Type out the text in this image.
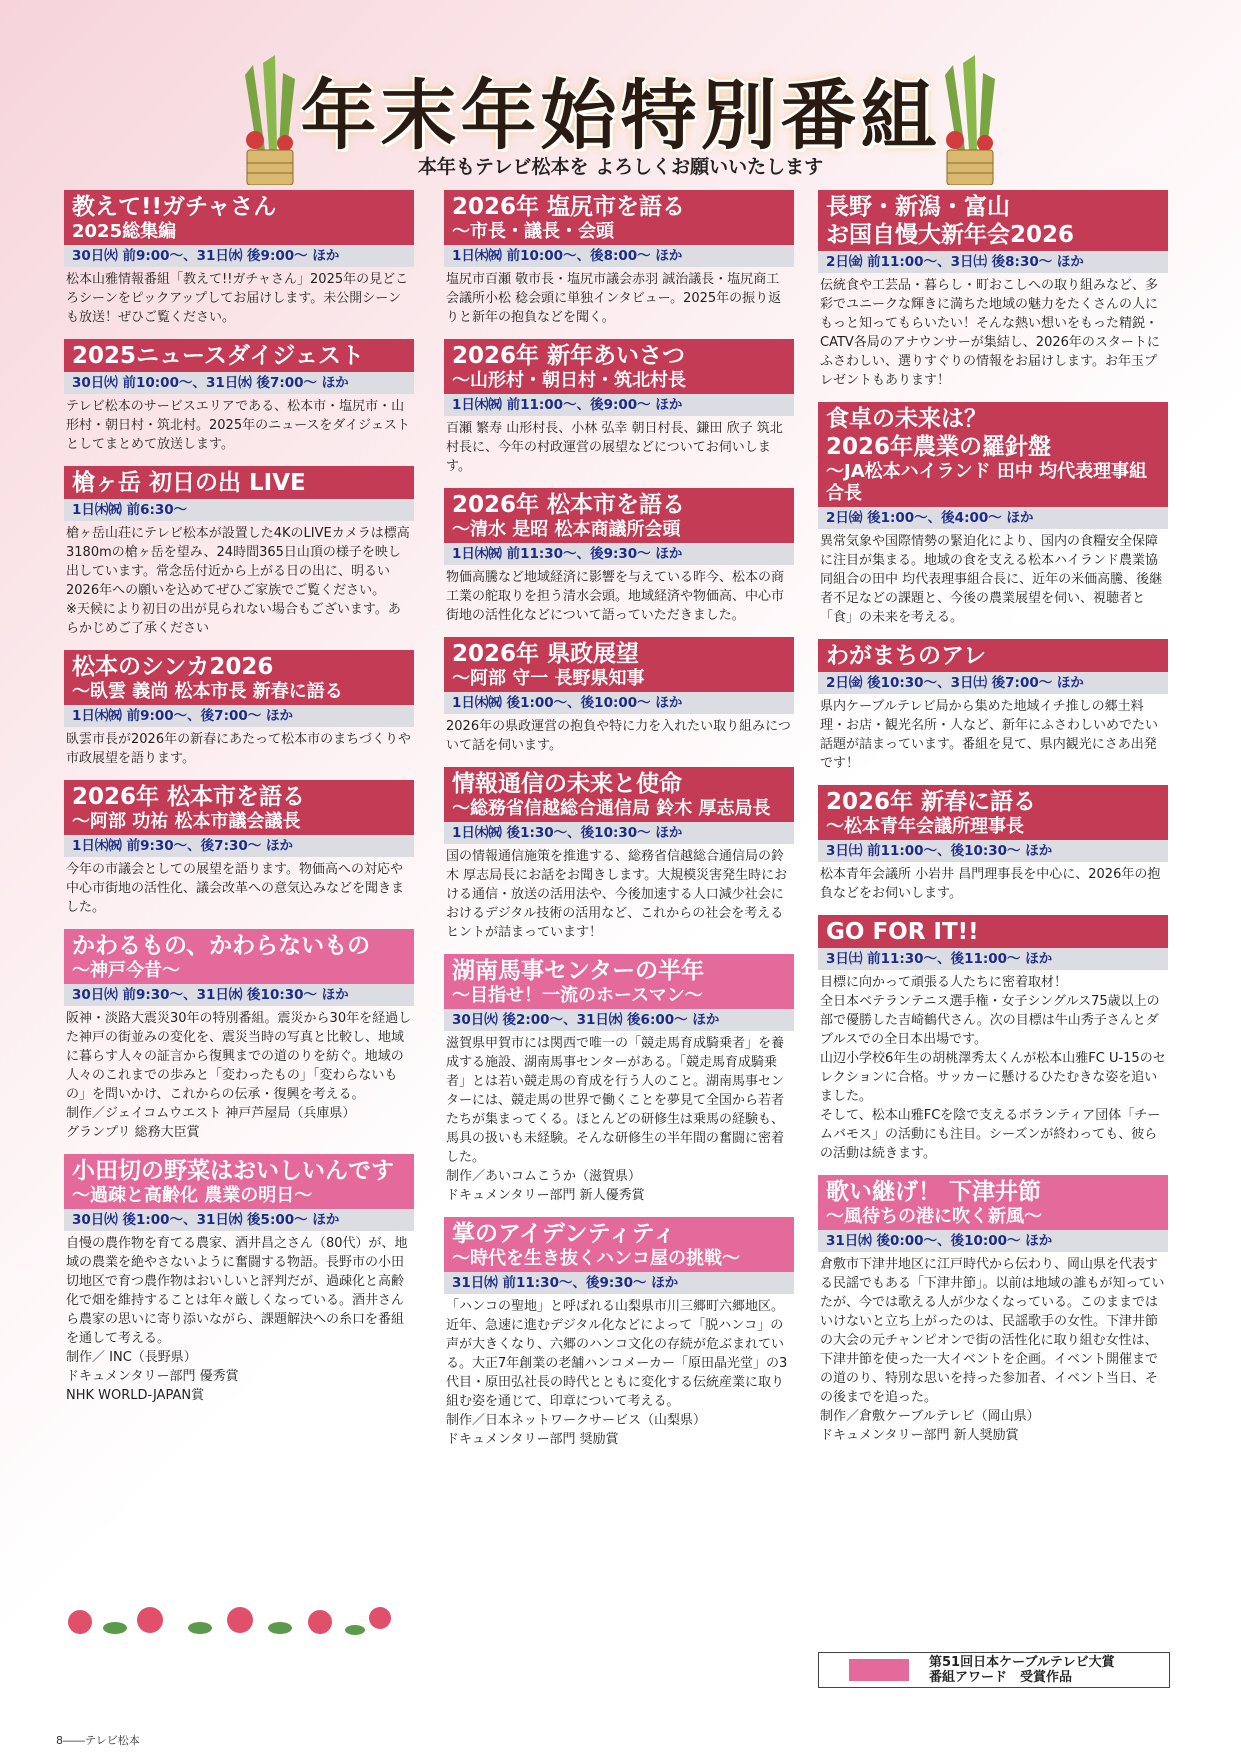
年末年始特別番組
本年もテレビ松本を よろしくお願いいたします
教えて!!ガチャさん
2025総集編
30日㈫ 前9:00～、31日㈬ 後9:00～ ほか

松本山雅情報番組「教えて!!ガチャさん」2025年の見どころシーンをピックアップしてお届けします。未公開シーンも放送！ぜひご覧ください。

2025ニュースダイジェスト
30日㈫ 前10:00～、31日㈬ 後7:00～ ほか

テレビ松本のサービスエリアである、松本市・塩尻市・山形村・朝日村・筑北村。2025年のニュースをダイジェストとしてまとめて放送します。

槍ヶ岳 初日の出 LIVE
1日㈭㈷ 前6:30～

槍ヶ岳山荘にテレビ松本が設置した4KのLIVEカメラは標高3180mの槍ヶ岳を望み、24時間365日山頂の様子を映し出しています。常念岳付近から上がる日の出に、明るい2026年への願いを込めてぜひご家族でご覧ください。

※天候により初日の出が見られない場合もございます。あらかじめご了承ください

松本のシンカ2026
～臥雲 義尚 松本市長 新春に語る
1日㈭㈷ 前9:00～、後7:00～ ほか

臥雲市長が2026年の新春にあたって松本市のまちづくりや市政展望を語ります。

2026年 松本市を語る
～阿部 功祐 松本市議会議長
1日㈭㈷ 前9:30～、後7:30～ ほか

今年の市議会としての展望を語ります。物価高への対応や中心市街地の活性化、議会改革への意気込みなどを聞きました。

かわるもの、かわらないもの
～神戸今昔～
30日㈫ 前9:30～、31日㈬ 後10:30～ ほか

阪神・淡路大震災30年の特別番組。震災から30年を経過した神戸の街並みの変化を、震災当時の写真と比較し、地域に暮らす人々の証言から復興までの道のりを紡ぐ。地域の人々のこれまでの歩みと「変わったもの」「変わらないもの」を問いかけ、これからの伝承・復興を考える。

制作／ジェイコムウエスト 神戸芦屋局（兵庫県）

グランプリ 総務大臣賞

小田切の野菜はおいしいんです
～過疎と高齢化 農業の明日～
30日㈫ 後1:00～、31日㈬ 後5:00～ ほか

自慢の農作物を育てる農家、酒井昌之さん（80代）が、地域の農業を絶やさないように奮闘する物語。長野市の小田切地区で育つ農作物はおいしいと評判だが、過疎化と高齢化で畑を維持することは年々厳しくなっている。酒井さんら農家の思いに寄り添いながら、課題解決への糸口を番組を通して考える。

制作／ INC（長野県）

ドキュメンタリー部門 優秀賞

NHK WORLD-JAPAN賞

2026年 塩尻市を語る
～市長・議長・会頭
1日㈭㈷ 前10:00～、後8:00～ ほか

塩尻市百瀬 敬市長・塩尻市議会赤羽 誠治議長・塩尻商工会議所小松 稔会頭に単独インタビュー。2025年の振り返りと新年の抱負などを聞く。

2026年 新年あいさつ
～山形村・朝日村・筑北村長
1日㈭㈷ 前11:00～、後9:00～ ほか

百瀬 繁寿 山形村長、小林 弘幸 朝日村長、鎌田 欣子 筑北村長に、今年の村政運営の展望などについてお伺いします。

2026年 松本市を語る
～清水 是昭 松本商議所会頭
1日㈭㈷ 前11:30～、後9:30～ ほか

物価高騰など地域経済に影響を与えている昨今、松本の商工業の舵取りを担う清水会頭。地域経済や物価高、中心市街地の活性化などについて語っていただきました。

2026年 県政展望
～阿部 守一 長野県知事
1日㈭㈷ 後1:00～、後10:00～ ほか

2026年の県政運営の抱負や特に力を入れたい取り組みについて話を伺います。

情報通信の未来と使命
～総務省信越総合通信局 鈴木 厚志局長
1日㈭㈷ 後1:30～、後10:30～ ほか

国の情報通信施策を推進する、総務省信越総合通信局の鈴木 厚志局長にお話をお聞きします。大規模災害発生時における通信・放送の活用法や、今後加速する人口減少社会におけるデジタル技術の活用など、これからの社会を考えるヒントが詰まっています！

湖南馬事センターの半年
～目指せ！一流のホースマン～
30日㈫ 後2:00～、31日㈬ 後6:00～ ほか

滋賀県甲賀市には関西で唯一の「競走馬育成騎乗者」を養成する施設、湖南馬事センターがある。「競走馬育成騎乗者」とは若い競走馬の育成を行う人のこと。湖南馬事センターには、競走馬の世界で働くことを夢見て全国から若者たちが集まってくる。ほとんどの研修生は乗馬の経験も、馬具の扱いも未経験。そんな研修生の半年間の奮闘に密着した。

制作／あいコムこうか（滋賀県）

ドキュメンタリー部門 新人優秀賞

掌のアイデンティティ
～時代を生き抜くハンコ屋の挑戦～
31日㈬ 前11:30～、後9:30～ ほか

「ハンコの聖地」と呼ばれる山梨県市川三郷町六郷地区。近年、急速に進むデジタル化などによって「脱ハンコ」の声が大きくなり、六郷のハンコ文化の存続が危ぶまれている。大正7年創業の老舗ハンコメーカー「原田晶光堂」の3代目・原田弘社長の時代とともに変化する伝統産業に取り組む姿を通じて、印章について考える。

制作／日本ネットワークサービス（山梨県）

ドキュメンタリー部門 奨励賞

長野・新潟・富山
お国自慢大新年会2026
2日㈮ 前11:00～、3日㈯ 後8:30～ ほか

伝統食や工芸品・暮らし・町おこしへの取り組みなど、多彩でユニークな輝きに満ちた地域の魅力をたくさんの人にもっと知ってもらいたい！そんな熱い想いをもった精鋭・CATV各局のアナウンサーが集結し、2026年のスタートにふさわしい、選りすぐりの情報をお届けします。お年玉プレゼントもあります！

食卓の未来は？
2026年農業の羅針盤
～JA松本ハイランド 田中 均代表理事組合長
2日㈮ 後1:00～、後4:00～ ほか

異常気象や国際情勢の緊迫化により、国内の食糧安全保障に注目が集まる。地域の食を支える松本ハイランド農業協同組合の田中 均代表理事組合長に、近年の米価高騰、後継者不足などの課題と、今後の農業展望を伺い、視聴者と「食」の未来を考える。

わがまちのアレ
2日㈮ 後10:30～、3日㈯ 後7:00～ ほか

県内ケーブルテレビ局から集めた地域イチ推しの郷土料理・お店・観光名所・人など、新年にふさわしいめでたい話題が詰まっています。番組を見て、県内観光にさあ出発です！

2026年 新春に語る
～松本青年会議所理事長
3日㈯ 前11:00～、後10:30～ ほか

松本青年会議所 小岩井 昌門理事長を中心に、2026年の抱負などをお伺いします。

GO FOR IT!!
3日㈯ 前11:30～、後11:00～ ほか

目標に向かって頑張る人たちに密着取材！

全日本ベテランテニス選手権・女子シングルス75歳以上の部で優勝した吉崎鶴代さん。次の目標は牛山秀子さんとダブルスでの全日本出場です。

山辺小学校6年生の胡桃澤秀太くんが松本山雅FC U-15のセレクションに合格。サッカーに懸けるひたむきな姿を追いました。

そして、松本山雅FCを陰で支えるボランティア団体「チームバモス」の活動にも注目。シーズンが終わっても、彼らの活動は続きます。

歌い継げ！ 下津井節
～風待ちの港に吹く新風～
31日㈬ 後0:00～、後10:00～ ほか

倉敷市下津井地区に江戸時代から伝わり、岡山県を代表する民謡でもある「下津井節」。以前は地域の誰もが知っていたが、今では歌える人が少なくなっている。このままではいけないと立ち上がったのは、民謡歌手の女性。下津井節の大会の元チャンピオンで街の活性化に取り組む女性は、下津井節を使った一大イベントを企画。イベント開催までの道のり、特別な思いを持った参加者、イベント当日、その後までを追った。

制作／倉敷ケーブルテレビ（岡山県）

ドキュメンタリー部門 新人奨励賞

第51回日本ケーブルテレビ大賞
番組アワード　受賞作品
8――テレビ松本
